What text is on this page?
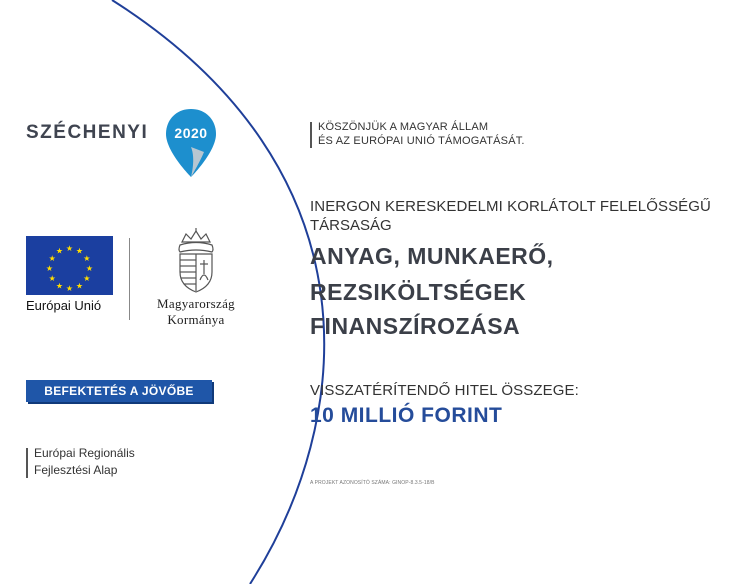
SZÉCHENYI	2020
★ ★
★
★
★
★
★
★
★
★
★
★
Európai Unió	Magyarország
Kormánya
BEFEKTETÉS A JÖVŐBE
Európai Regionális
Fejlesztési Alap
KÖSZÖNJÜK A MAGYAR ÁLLAM
ÉS AZ EURÓPAI UNIÓ TÁMOGATÁSÁT.
INERGON KERESKEDELMI KORLÁTOLT FELELŐSSÉGŰ
TÁRSASÁG
ANYAG, MUNKAERŐ,
REZSIKÖLTSÉGEK
FINANSZÍROZÁSA
VISSZATÉRÍTENDŐ HITEL ÖSSZEGE:
10 MILLIÓ FORINT
A PROJEKT AZONOSÍTÓ SZÁMA: GINOP-8.3.5-18/B
